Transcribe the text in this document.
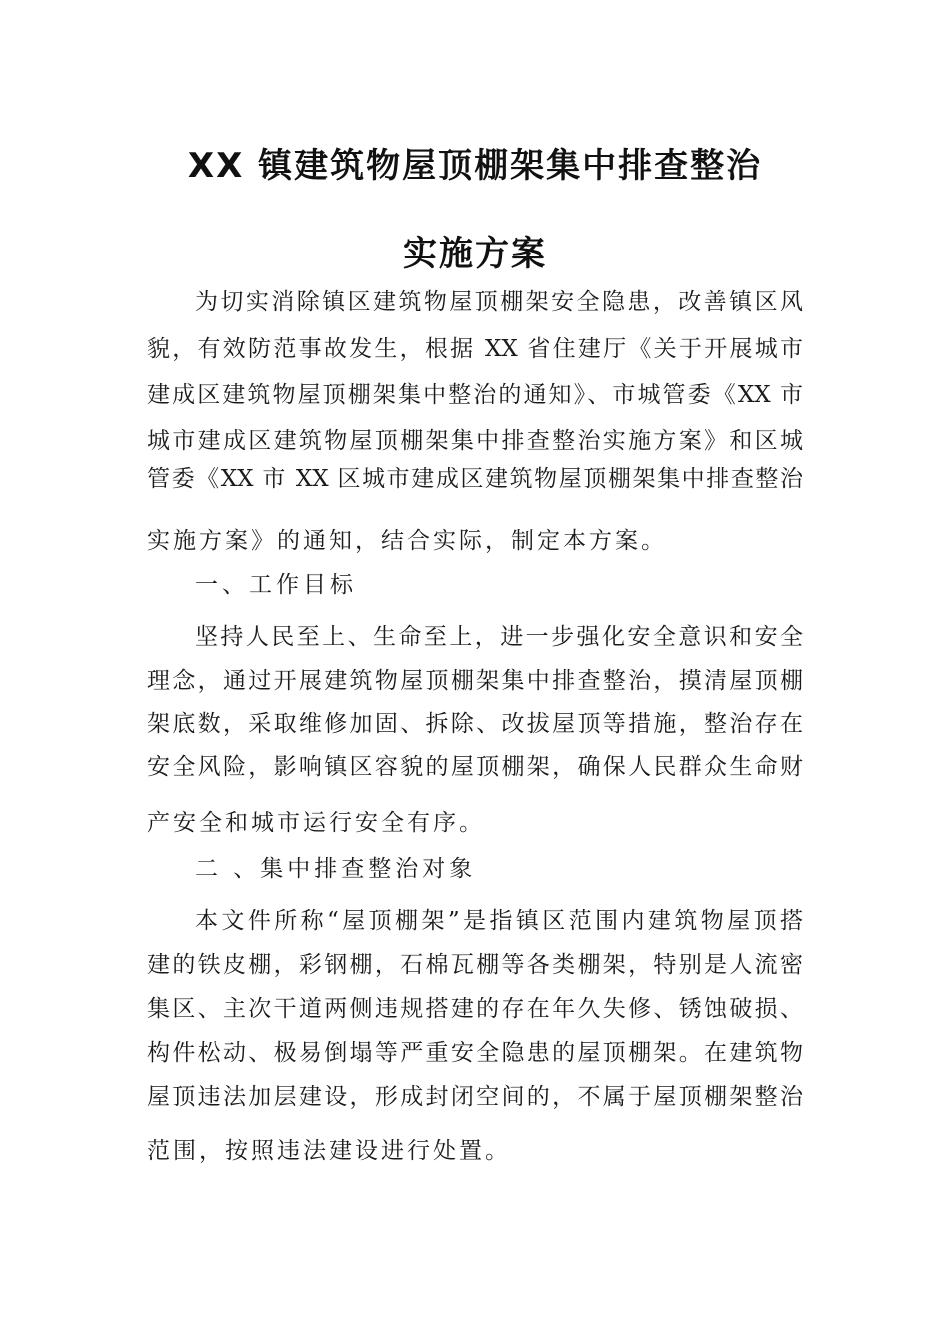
XX 镇建筑物屋顶棚架集中排查整治
实施方案
为切实消除镇区建筑物屋顶棚架安全隐患，改善镇区风
貌，有效防范事故发生，根据 XX 省住建厅《关于开展城市
建成区建筑物屋顶棚架集中整治的通知》、市城管委《XX 市
城市建成区建筑物屋顶棚架集中排查整治实施方案》和区城
管委《XX 市 XX 区城市建成区建筑物屋顶棚架集中排查整治
实施方案》的通知，结合实际，制定本方案。
一、工作目标
坚持人民至上、生命至上，进一步强化安全意识和安全
理念，通过开展建筑物屋顶棚架集中排查整治，摸清屋顶棚
架底数，采取维修加固、拆除、改拔屋顶等措施，整治存在
安全风险，影响镇区容貌的屋顶棚架，确保人民群众生命财
产安全和城市运行安全有序。
二 、集中排查整治对象
本文件所称“屋顶棚架”是指镇区范围内建筑物屋顶搭
建的铁皮棚，彩钢棚，石棉瓦棚等各类棚架，特别是人流密
集区、主次干道两侧违规搭建的存在年久失修、锈蚀破损、
构件松动、极易倒塌等严重安全隐患的屋顶棚架。在建筑物
屋顶违法加层建设，形成封闭空间的，不属于屋顶棚架整治
范围，按照违法建设进行处置。
